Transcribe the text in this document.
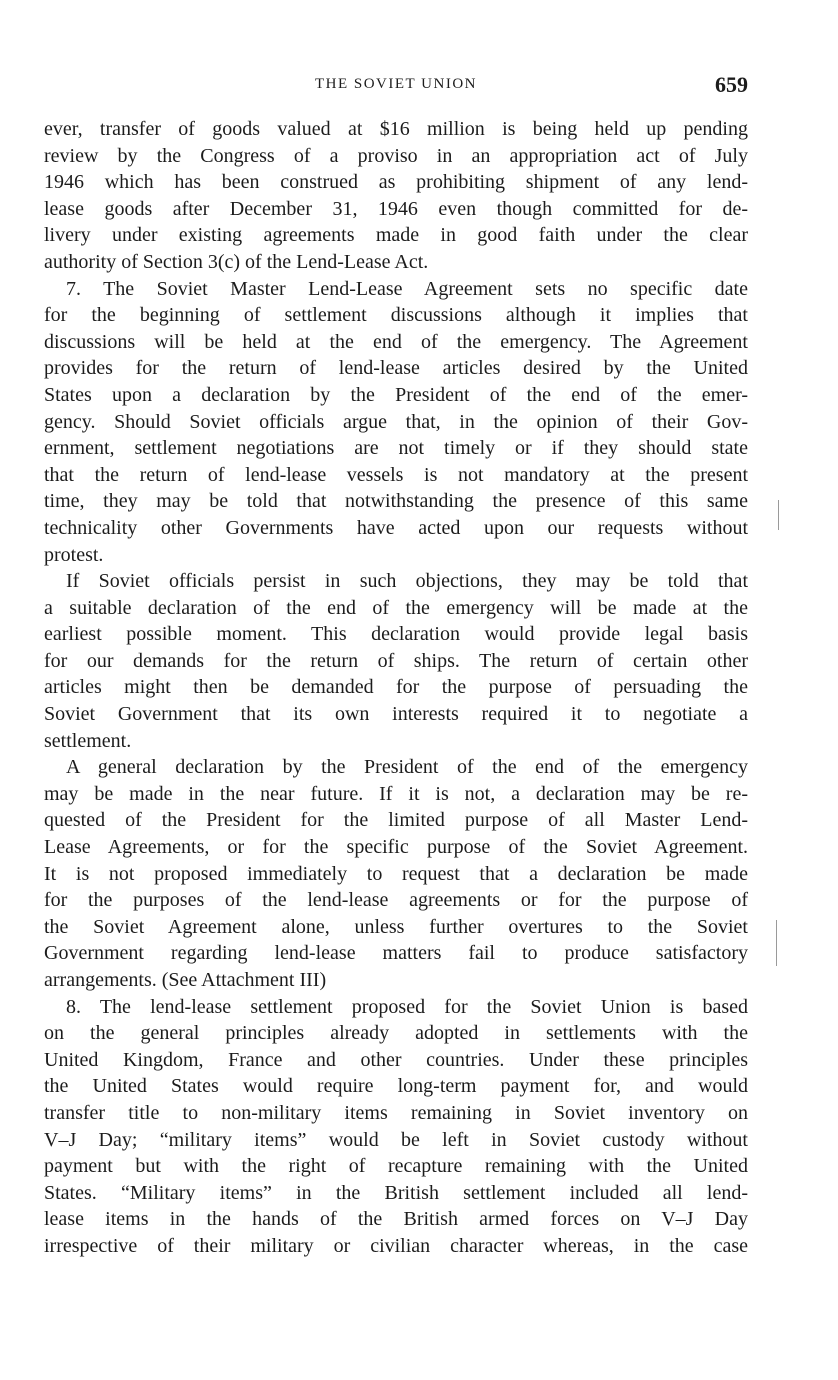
THE SOVIET UNION	659
ever, transfer of goods valued at $16 million is being held up pending
review by the Congress of a proviso in an appropriation act of July
1946 which has been construed as prohibiting shipment of any lend-
lease goods after December 31, 1946 even though committed for de-
livery under existing agreements made in good faith under the clear
authority of Section 3(c) of the Lend-Lease Act.
7. The Soviet Master Lend-Lease Agreement sets no specific date
for the beginning of settlement discussions although it implies that
discussions will be held at the end of the emergency. The Agreement
provides for the return of lend-lease articles desired by the United
States upon a declaration by the President of the end of the emer-
gency. Should Soviet officials argue that, in the opinion of their Gov-
ernment, settlement negotiations are not timely or if they should state
that the return of lend-lease vessels is not mandatory at the present
time, they may be told that notwithstanding the presence of this same
technicality other Governments have acted upon our requests without
protest.
If Soviet officials persist in such objections, they may be told that
a suitable declaration of the end of the emergency will be made at the
earliest possible moment. This declaration would provide legal basis
for our demands for the return of ships. The return of certain other
articles might then be demanded for the purpose of persuading the
Soviet Government that its own interests required it to negotiate a
settlement.
A general declaration by the President of the end of the emergency
may be made in the near future. If it is not, a declaration may be re-
quested of the President for the limited purpose of all Master Lend-
Lease Agreements, or for the specific purpose of the Soviet Agreement.
It is not proposed immediately to request that a declaration be made
for the purposes of the lend-lease agreements or for the purpose of
the Soviet Agreement alone, unless further overtures to the Soviet
Government regarding lend-lease matters fail to produce satisfactory
arrangements. (See Attachment III)
8. The lend-lease settlement proposed for the Soviet Union is based
on the general principles already adopted in settlements with the
United Kingdom, France and other countries. Under these principles
the United States would require long-term payment for, and would
transfer title to non-military items remaining in Soviet inventory on
V–J Day; “military items” would be left in Soviet custody without
payment but with the right of recapture remaining with the United
States. “Military items” in the British settlement included all lend-
lease items in the hands of the British armed forces on V–J Day
irrespective of their military or civilian character whereas, in the case
